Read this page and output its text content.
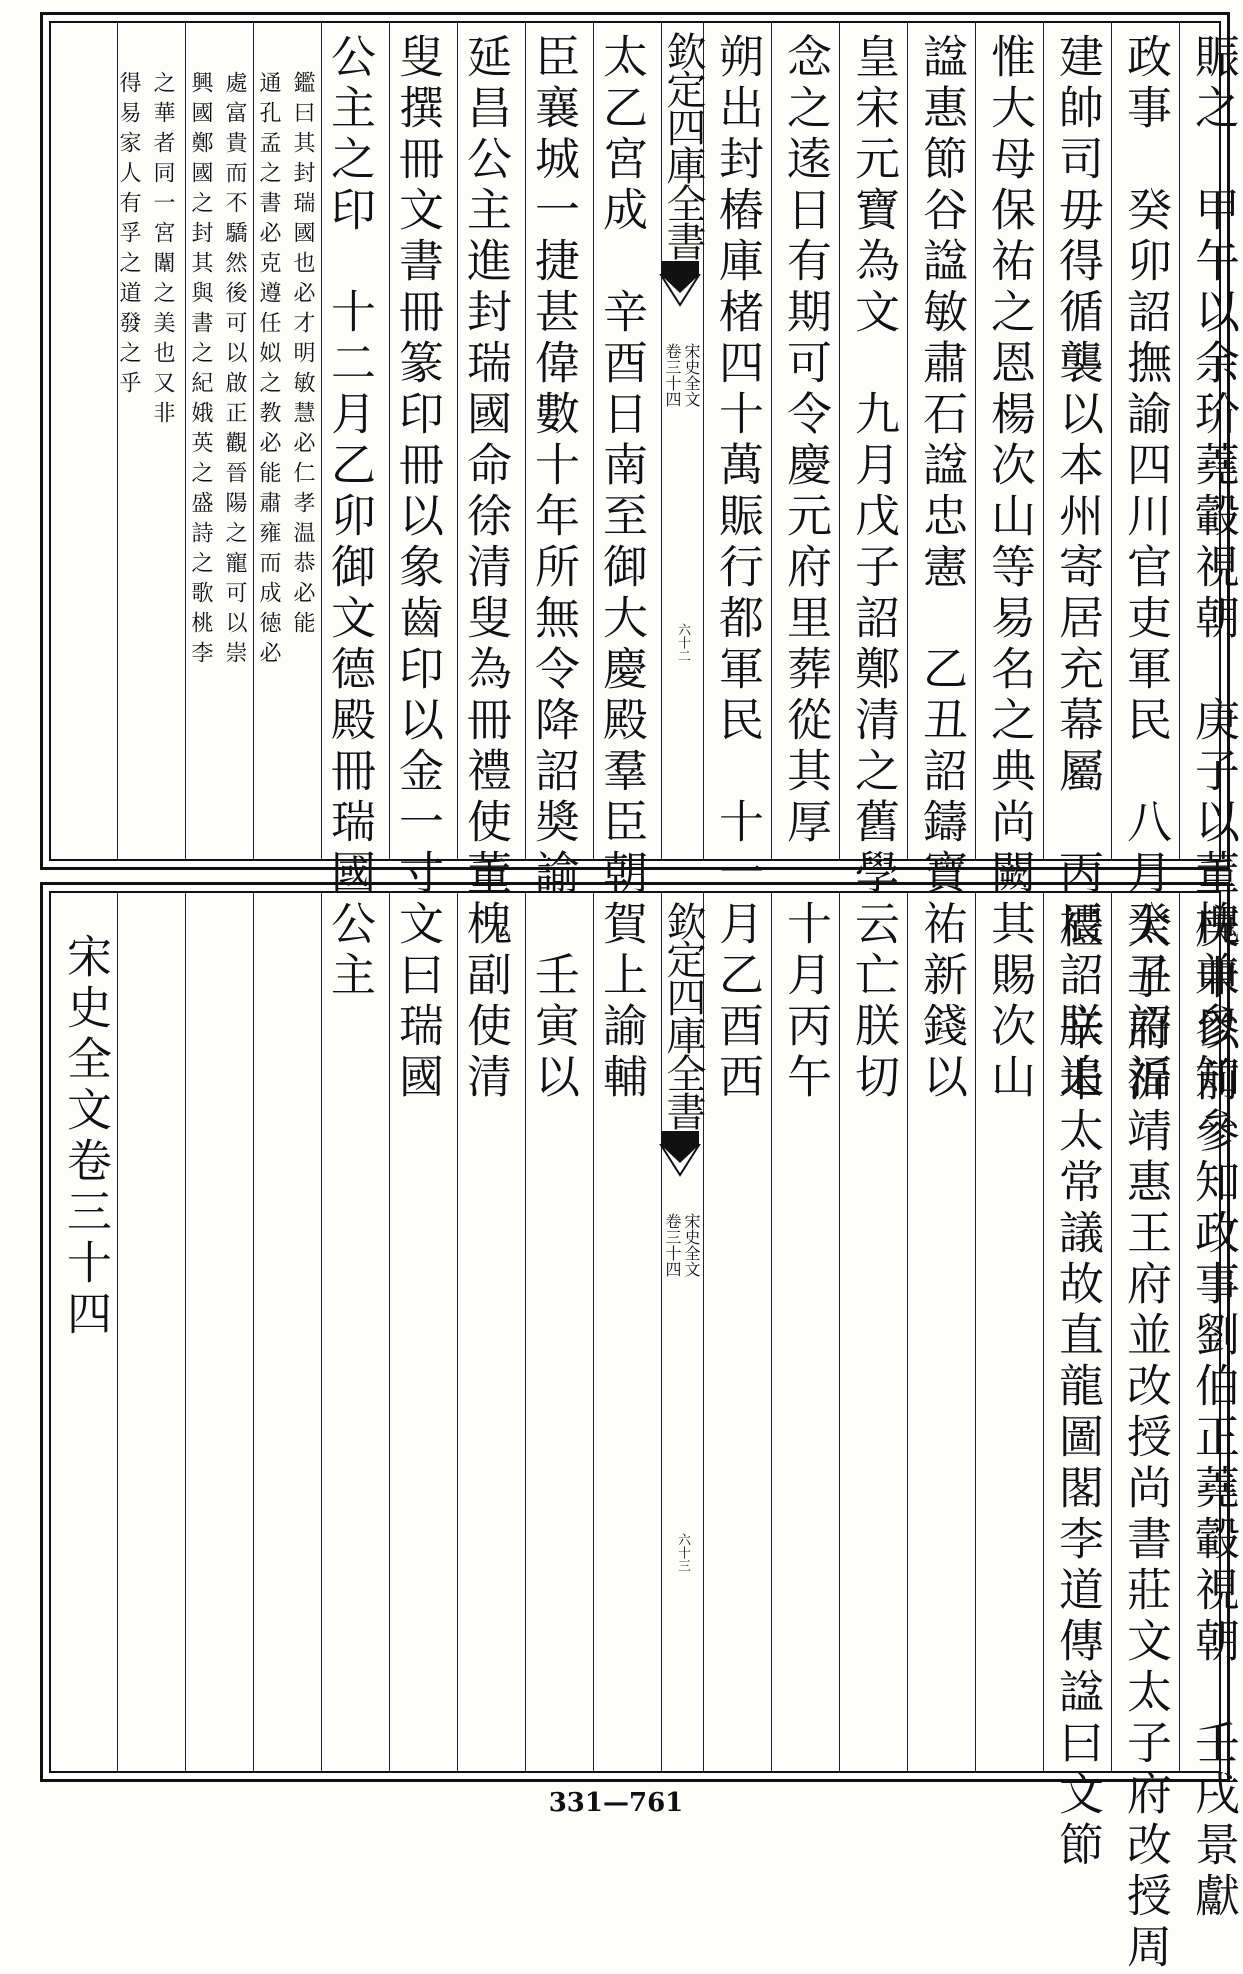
賑之　甲午以余玠蕘轂視朝　庚子以董槐兼參知
政事　癸卯詔撫諭四川官吏軍民　八月癸丑詔福
建帥司毋得循襲以本州寄居充幕屬　丙辰詔朕追
惟大母保祐之恩楊次山等易名之典尚闕其賜次山
諡惠節谷諡敏肅石諡忠憲　乙丑詔鑄寶祐新錢以
皇宋元寶為文　九月戊子詔鄭清之舊學云亡朕切
念之逺日有期可令慶元府里葬從其厚　十月丙午
朔出封樁庫楮四十萬賑行都軍民　十一月乙酉西
欽定四庫全書
宋史全文
卷三十四
六十二
太乙宮成　辛酉日南至御大慶殿羣臣朝賀上諭輔
臣襄城一捷甚偉數十年所無令降詔奬諭　壬寅以
延昌公主進封瑞國命徐清叟為冊禮使董槐副使清
叟撰冊文書冊篆印冊以象齒印以金一寸文曰瑞國
公主之印　十二月乙卯御文德殿冊瑞國公主
鑑曰其封瑞國也必才明敏慧必仁孝温恭必能
通孔孟之書必克遵任姒之教必能肅雍而成徳必
處富貴而不驕然後可以啟正觀晉陽之寵可以崇
興國鄭國之封其與書之紀娥英之盛詩之歌桃李
之華者同一宮闈之美也又非
得易家人有孚之道發之乎
庚申以前參知政事劉伯正蕘轂視朝　壬戌景獻
太子府沂靖惠王府並改授尚書莊文太子府改授周
禮　辛未太常議故直龍圖閣李道傳諡曰文節
欽定四庫全書
宋史全文
卷三十四
六十三
宋史全文卷三十四
331—761
